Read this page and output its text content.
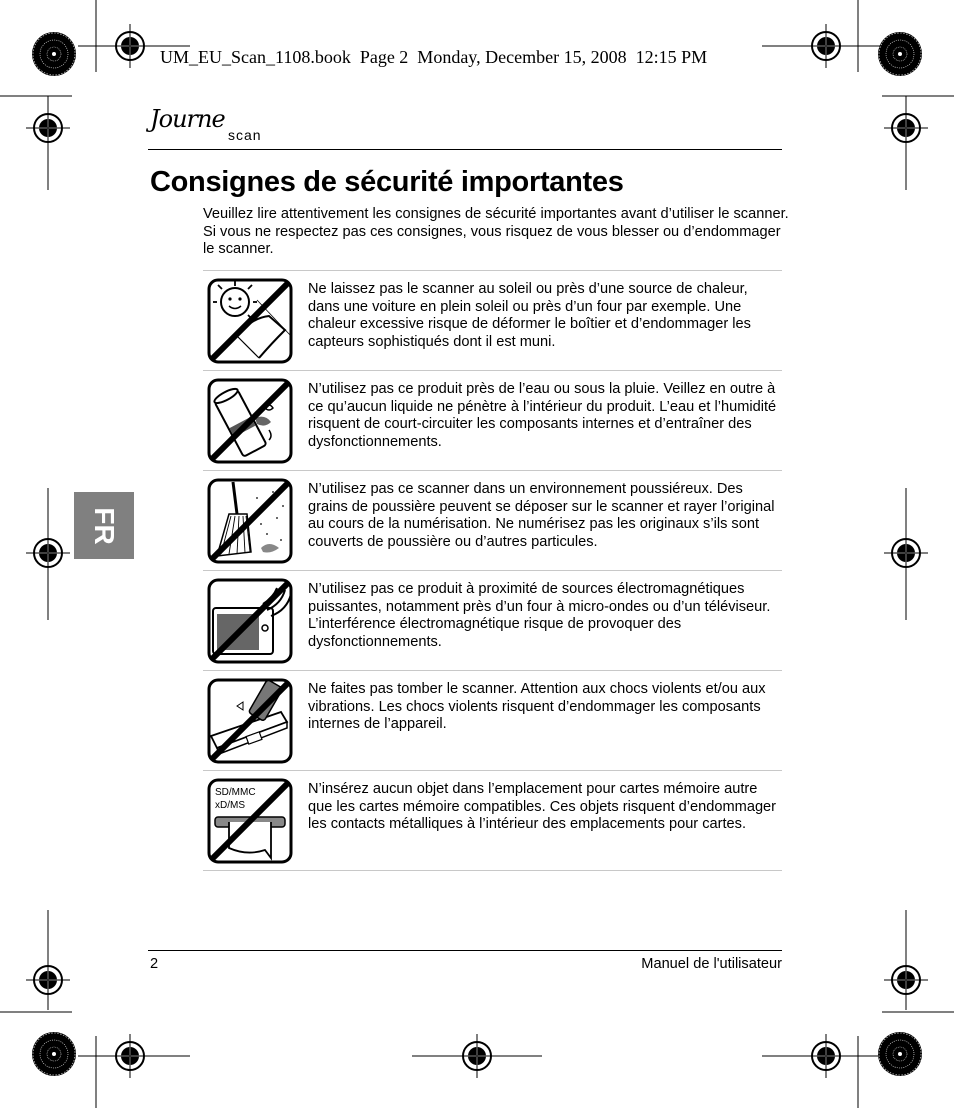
UM_EU_Scan_1108.book  Page 2  Monday, December 15, 2008  12:15 PM
Journe
scan
Consignes de sécurité importantes
Veuillez lire attentivement les consignes de sécurité importantes avant d’utiliser le scanner. Si vous ne respectez pas ces consignes, vous risquez de vous blesser ou d’endommager le scanner.
FR
Ne laissez pas le scanner au soleil ou près d’une source de chaleur, dans une voiture en plein soleil ou près d’un four par exemple. Une chaleur excessive risque de déformer le boîtier et d’endommager les capteurs sophistiqués dont il est muni.
N’utilisez pas ce produit près de l’eau ou sous la pluie. Veillez en outre à ce qu’aucun liquide ne pénètre à l’intérieur du produit. L’eau et l’humidité risquent de court-circuiter les composants internes et d’entraîner des dysfonctionnements.
N’utilisez pas ce scanner dans un environnement poussiéreux. Des grains de poussière peuvent se déposer sur le scanner et rayer l’original au cours de la numérisation. Ne numérisez pas les originaux s’ils sont couverts de poussière ou d’autres particules.
N’utilisez pas ce produit à proximité de sources électromagnétiques puissantes, notamment près d’un four à micro-ondes ou d’un téléviseur. L’interférence électromagnétique risque de provoquer des dysfonctionnements.
Ne faites pas tomber le scanner. Attention aux chocs violents et/ou aux vibrations. Les chocs violents risquent d’endommager les composants internes de l’appareil.
SD/MMC
xD/MS
N’insérez aucun objet dans l’emplacement pour cartes mémoire autre que les cartes mémoire compatibles. Ces objets risquent d’endommager les contacts métalliques à l’intérieur des emplacements pour cartes.
2	Manuel de l'utilisateur
